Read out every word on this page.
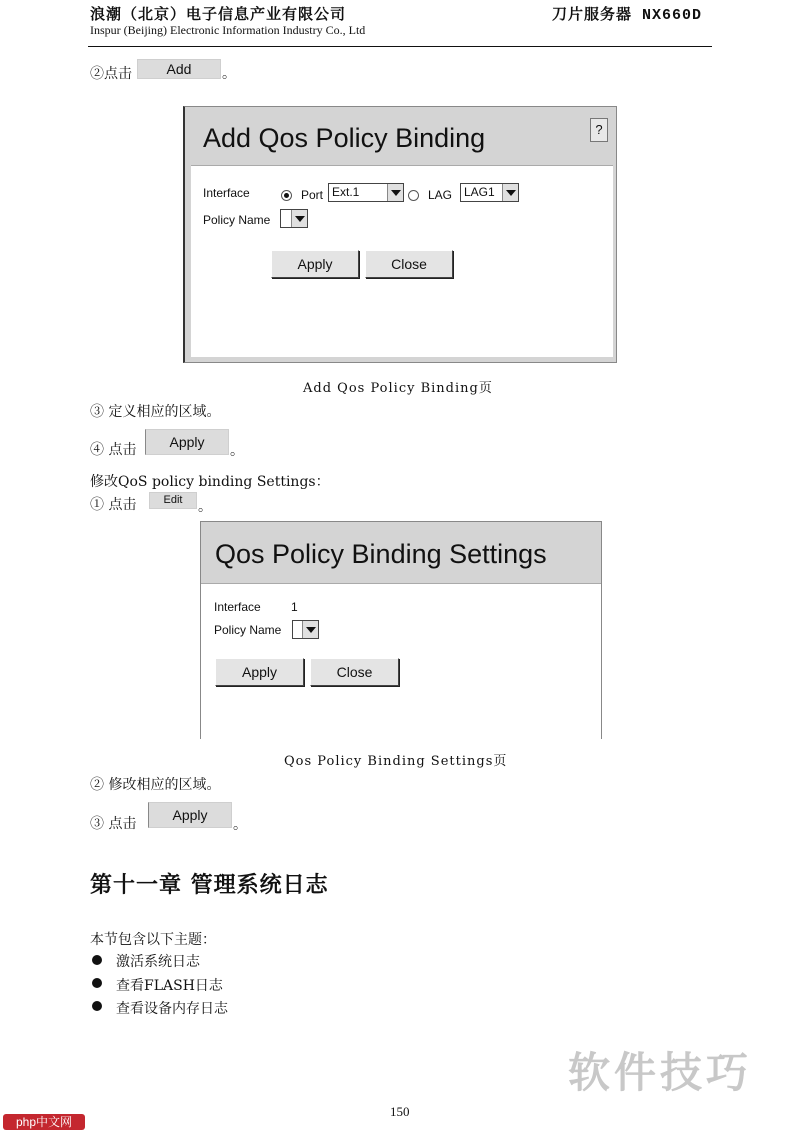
浪潮（北京）电子信息产业有限公司	刀片服务器 NX660D
Inspur (Beijing) Electronic Information Industry Co., Ltd
②点击	Add	。
Add Qos Policy Binding	?
Interface	Port Ext.1	LAG LAG1
Policy Name
Apply	Close
Add Qos Policy Binding页
③ 定义相应的区域。
④ 点击	Apply
。
修改QoS policy binding Settings：
① 点击	Edit	。
Qos Policy Binding Settings
Interface	1
Policy Name
Apply	Close
Qos Policy Binding Settings页
② 修改相应的区域。
③ 点击
Apply
。
第十一章 管理系统日志
本节包含以下主题：
激活系统日志
查看FLASH日志
查看设备内存日志
150
软件技巧
php中文网
